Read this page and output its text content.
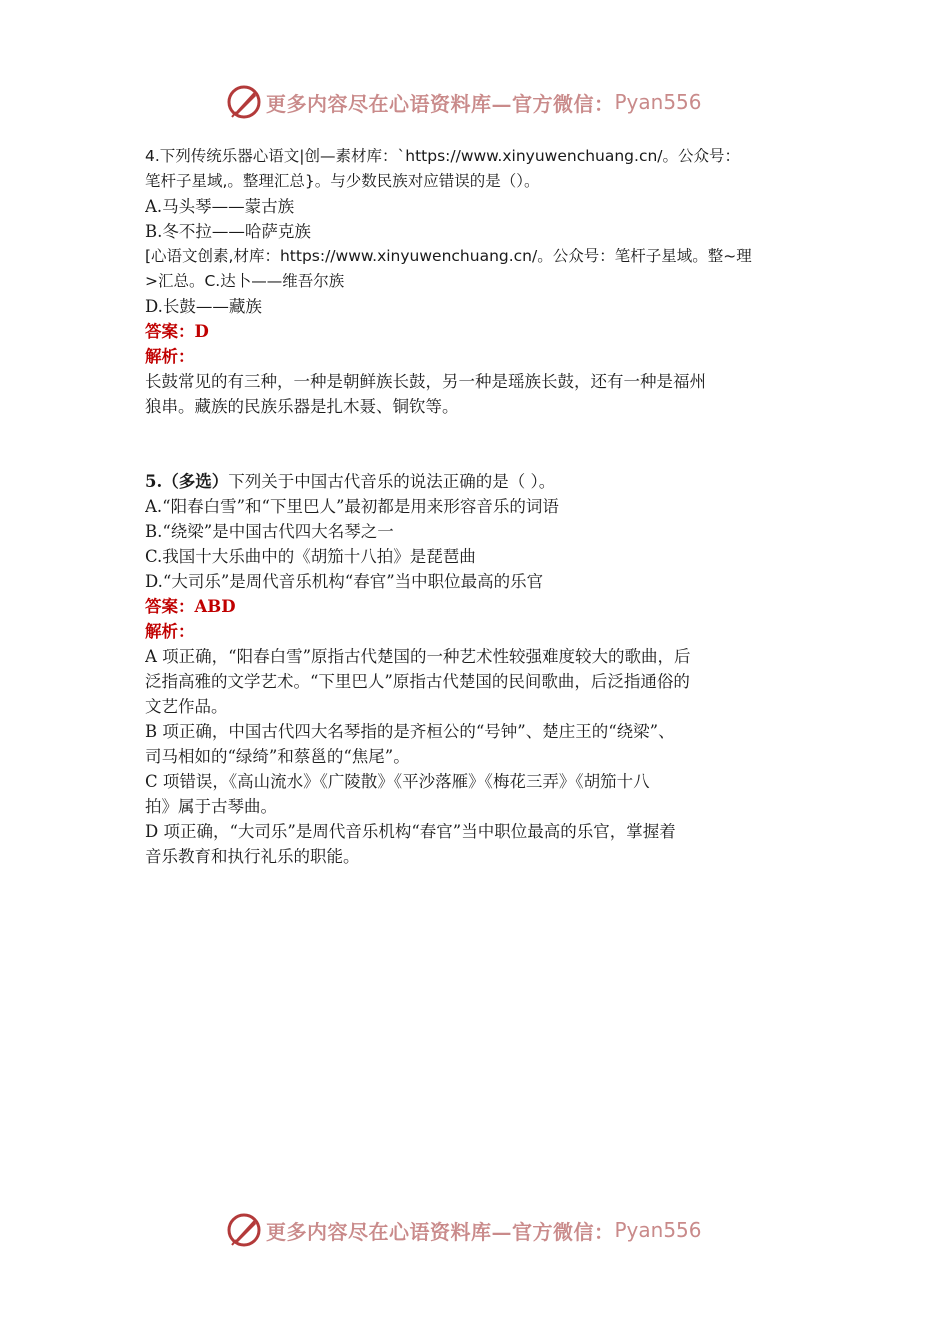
更多内容尽在心语资料库—官方微信： Pyan556
4.下列传统乐器心语文|创—素材库：`https://www.xinyuwenchuang.cn/。公众号：
笔杆子星域,。整理汇总}。与少数民族对应错误的是（）。
A.马头琴——蒙古族
B.冬不拉——哈萨克族
[心语文创素,材库：https://www.xinyuwenchuang.cn/。公众号：笔杆子星域。整~理
>汇总。C.达卜——维吾尔族
D.长鼓——藏族
答案：D
解析：
长鼓常见的有三种，一种是朝鲜族长鼓，另一种是瑶族长鼓，还有一种是福州
狼串。藏族的民族乐器是扎木聂、铜钦等。
5.（多选）下列关于中国古代音乐的说法正确的是（ ）。
A.“阳春白雪”和“下里巴人”最初都是用来形容音乐的词语
B.“绕梁”是中国古代四大名琴之一
C.我国十大乐曲中的《胡笳十八拍》是琵琶曲
D.“大司乐”是周代音乐机构“春官”当中职位最高的乐官
答案：ABD
解析：
A 项正确，“阳春白雪”原指古代楚国的一种艺术性较强难度较大的歌曲，后
泛指高雅的文学艺术。“下里巴人”原指古代楚国的民间歌曲，后泛指通俗的
文艺作品。
B 项正确，中国古代四大名琴指的是齐桓公的“号钟”、楚庄王的“绕梁”、
司马相如的“绿绮”和蔡邕的“焦尾”。
C 项错误，《高山流水》《广陵散》《平沙落雁》《梅花三弄》《胡笳十八
拍》属于古琴曲。
D 项正确，“大司乐”是周代音乐机构“春官”当中职位最高的乐官，掌握着
音乐教育和执行礼乐的职能。
更多内容尽在心语资料库—官方微信： Pyan556
